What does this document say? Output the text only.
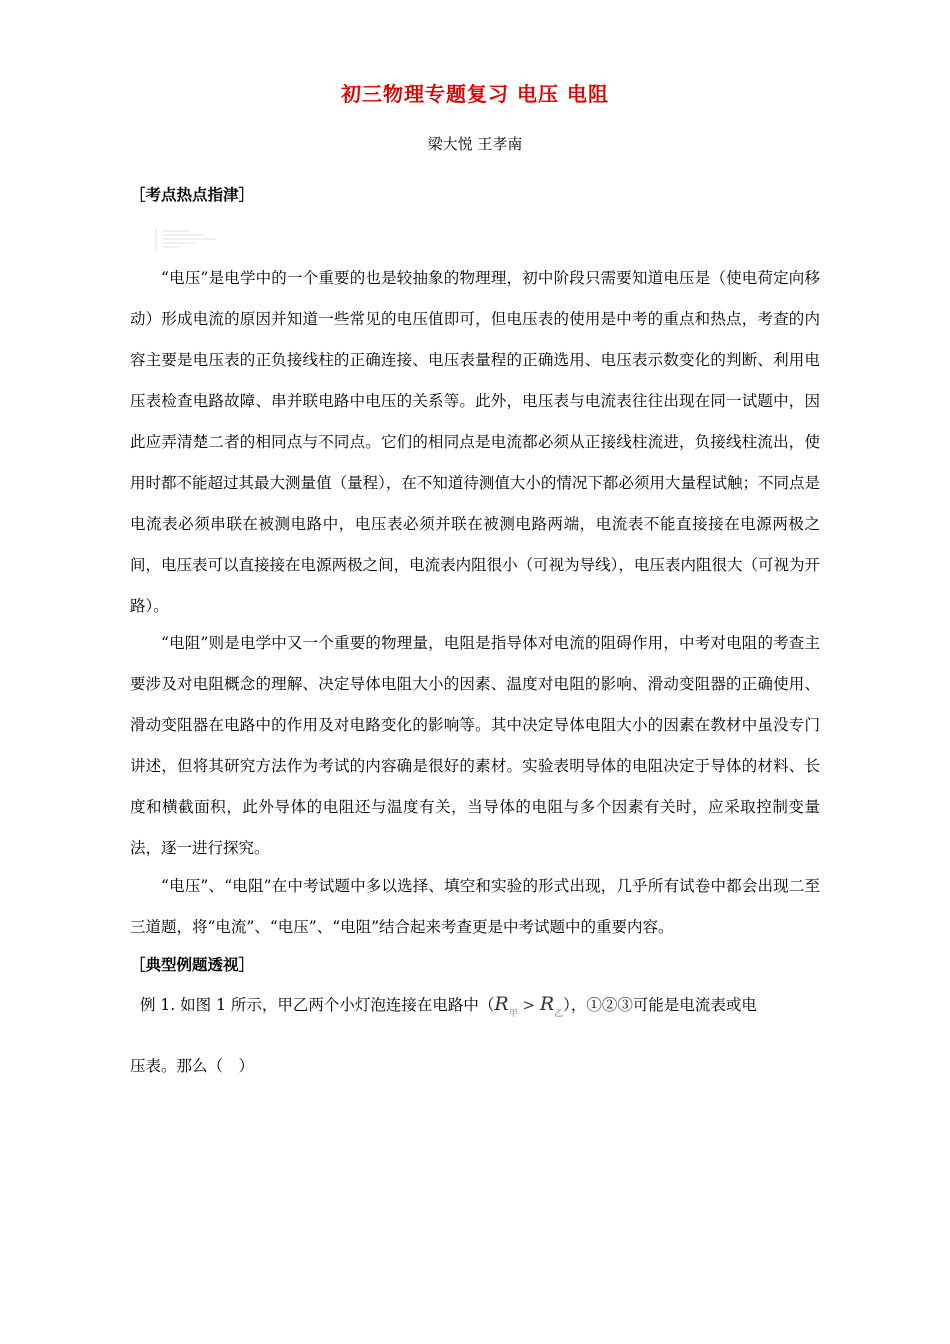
初三物理专题复习 电压 电阻
梁大悦 王孝南
［考点热点指津］

“电压”是电学中的一个重要的也是较抽象的物理理，初中阶段只需要知道电压是（使电荷定向移动）形成电流的原因并知道一些常见的电压值即可，但电压表的使用是中考的重点和热点，考查的内容主要是电压表的正负接线柱的正确连接、电压表量程的正确选用、电压表示数变化的判断、利用电压表检查电路故障、串并联电路中电压的关系等。此外，电压表与电流表往往出现在同一试题中，因此应弄清楚二者的相同点与不同点。它们的相同点是电流都必须从正接线柱流进，负接线柱流出，使用时都不能超过其最大测量值（量程），在不知道待测值大小的情况下都必须用大量程试触；不同点是电流表必须串联在被测电路中，电压表必须并联在被测电路两端，电流表不能直接接在电源两极之间，电压表可以直接接在电源两极之间，电流表内阻很小（可视为导线），电压表内阻很大（可视为开路）。

“电阻”则是电学中又一个重要的物理量，电阻是指导体对电流的阻碍作用，中考对电阻的考查主要涉及对电阻概念的理解、决定导体电阻大小的因素、温度对电阻的影响、滑动变阻器的正确使用、滑动变阻器在电路中的作用及对电路变化的影响等。其中决定导体电阻大小的因素在教材中虽没专门讲述，但将其研究方法作为考试的内容确是很好的素材。实验表明导体的电阻决定于导体的材料、长度和横截面积，此外导体的电阻还与温度有关，当导体的电阻与多个因素有关时，应采取控制变量法，逐一进行探究。

“电压”、“电阻”在中考试题中多以选择、填空和实验的形式出现，几乎所有试卷中都会出现二至三道题，将“电流”、“电压”、“电阻”结合起来考查更是中考试题中的重要内容。

［典型例题透视］
例 1. 如图 1 所示，甲乙两个小灯泡连接在电路中$(R_甲 > R_乙)$，①②③可能是电流表或电
压表。那么（　）
